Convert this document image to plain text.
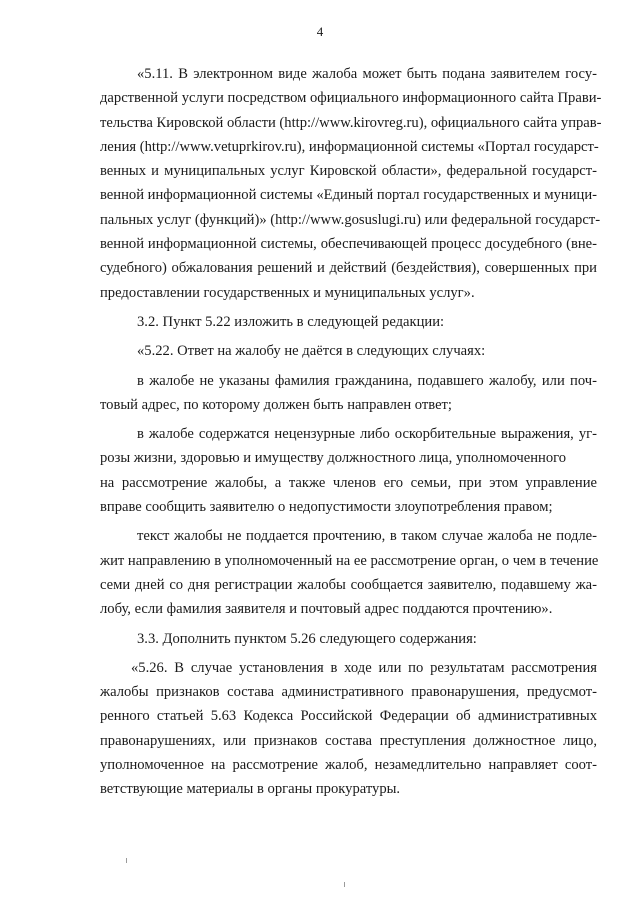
4

«5.11. В электронном виде жалоба может быть подана заявителем госу-
дарственной услуги посредством официального информационного сайта Прави-
тельства Кировской области (http://www.kirovreg.ru), официального сайта управ-
ления (http://www.vetuprkirov.ru), информационной системы «Портал государст-
венных и муниципальных услуг Кировской области», федеральной государст-
венной информационной системы «Единый портал государственных и муници-
пальных услуг (функций)» (http://www.gosuslugi.ru) или федеральной государст-
венной информационной системы, обеспечивающей процесс досудебного (вне-
судебного) обжалования решений и действий (бездействия), совершенных при
предоставлении государственных и муниципальных услуг».

3.2. Пункт 5.22 изложить в следующей редакции:

«5.22. Ответ на жалобу не даётся в следующих случаях:

в жалобе не указаны фамилия гражданина, подавшего жалобу, или поч-
товый адрес, по которому должен быть направлен ответ;

в жалобе содержатся нецензурные либо оскорбительные выражения, уг-
розы жизни, здоровью и имуществу должностного лица, уполномоченного
на рассмотрение жалобы, а также членов его семьи, при этом управление
вправе сообщить заявителю о недопустимости злоупотребления правом;

текст жалобы не поддается прочтению, в таком случае жалоба не подле-
жит направлению в уполномоченный на ее рассмотрение орган, о чем в течение
семи дней со дня регистрации жалобы сообщается заявителю, подавшему жа-
лобу, если фамилия заявителя и почтовый адрес поддаются прочтению».

3.3. Дополнить пунктом 5.26 следующего содержания:

«5.26. В случае установления в ходе или по результатам рассмотрения
жалобы признаков состава административного правонарушения, предусмот-
ренного статьей 5.63 Кодекса Российской Федерации об административных
правонарушениях, или признаков состава преступления должностное лицо,
уполномоченное на рассмотрение жалоб, незамедлительно направляет соот-
ветствующие материалы в органы прокуратуры.
